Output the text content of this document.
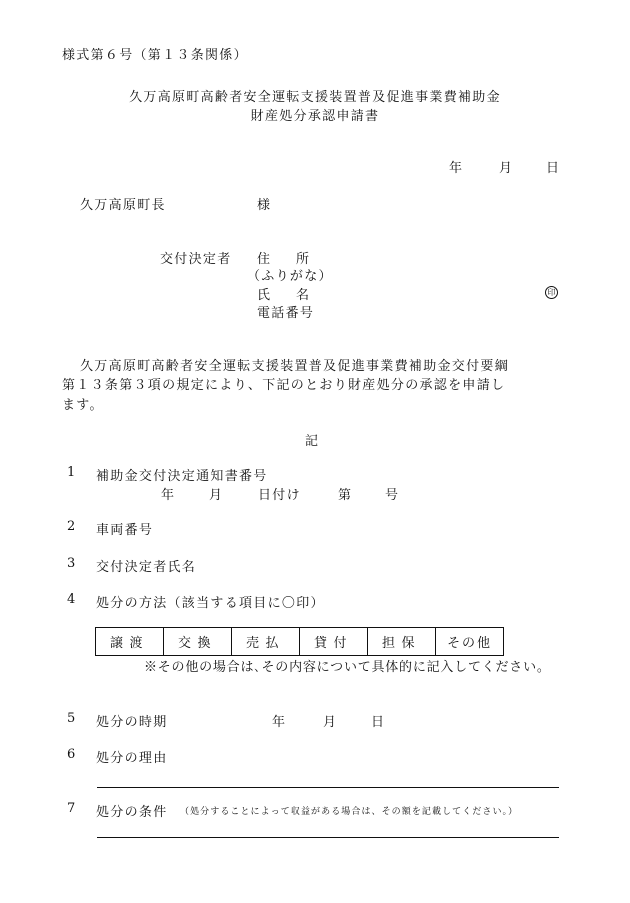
様式第６号（第１３条関係）
久万高原町高齢者安全運転支援装置普及促進事業費補助金
財産処分承認申請書
年	月	日
久万高原町長	様
交付決定者 住　　所
（ふりがな）
氏　　名	印
電話番号
久万高原町高齢者安全運転支援装置普及促進事業費補助金交付要綱
第１３条第３項の規定により、下記のとおり財産処分の承認を申請し
ます。
記
1 補助金交付決定通知書番号
年	月	日付け	第	号
2 車両番号
3 交付決定者氏名
4 処分の方法（該当する項目に〇印）
譲渡	交換	売払	貸付	担保	その他
※その他の場合は､その内容について具体的に記入してください。
5 処分の時期	年	月	日
6 処分の理由
7 処分の条件 （処分することによって収益がある場合は、その額を記載してください。）
